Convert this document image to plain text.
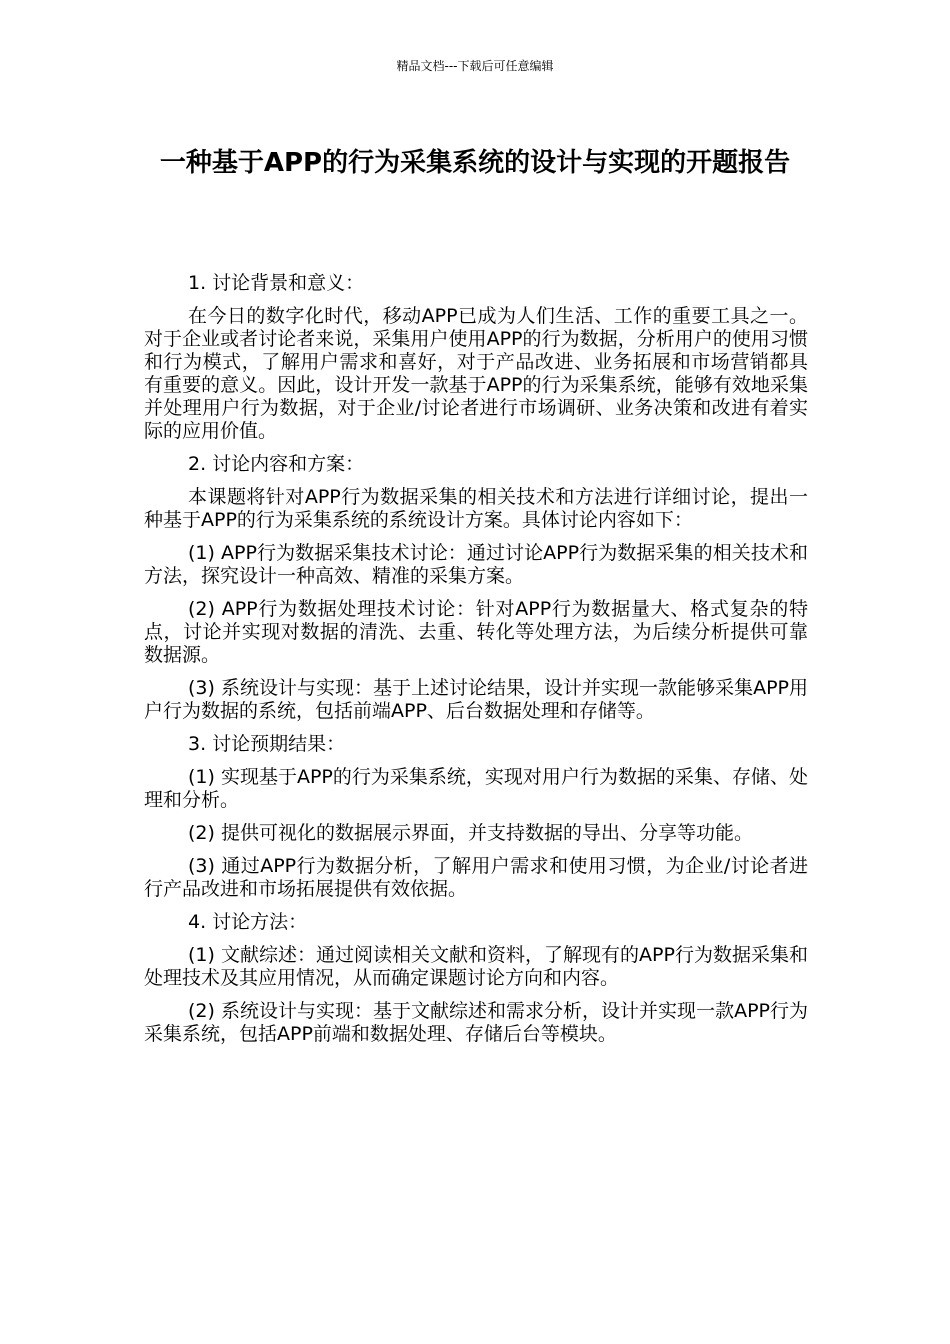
精品文档---下载后可任意编辑
一种基于APP的行为采集系统的设计与实现的开题报告

1. 讨论背景和意义：

在今日的数字化时代，移动APP已成为人们生活、工作的重要工具之一。对于企业或者讨论者来说，采集用户使用APP的行为数据，分析用户的使用习惯和行为模式，了解用户需求和喜好，对于产品改进、业务拓展和市场营销都具有重要的意义。因此，设计开发一款基于APP的行为采集系统，能够有效地采集并处理用户行为数据，对于企业/讨论者进行市场调研、业务决策和改进有着实际的应用价值。

2. 讨论内容和方案：

本课题将针对APP行为数据采集的相关技术和方法进行详细讨论，提出一种基于APP的行为采集系统的系统设计方案。具体讨论内容如下：

(1) APP行为数据采集技术讨论：通过讨论APP行为数据采集的相关技术和方法，探究设计一种高效、精准的采集方案。

(2) APP行为数据处理技术讨论：针对APP行为数据量大、格式复杂的特点，讨论并实现对数据的清洗、去重、转化等处理方法，为后续分析提供可靠数据源。

(3) 系统设计与实现：基于上述讨论结果，设计并实现一款能够采集APP用户行为数据的系统，包括前端APP、后台数据处理和存储等。

3. 讨论预期结果：

(1) 实现基于APP的行为采集系统，实现对用户行为数据的采集、存储、处理和分析。

(2) 提供可视化的数据展示界面，并支持数据的导出、分享等功能。

(3) 通过APP行为数据分析，了解用户需求和使用习惯，为企业/讨论者进行产品改进和市场拓展提供有效依据。

4. 讨论方法：

(1) 文献综述：通过阅读相关文献和资料，了解现有的APP行为数据采集和处理技术及其应用情况，从而确定课题讨论方向和内容。

(2) 系统设计与实现：基于文献综述和需求分析，设计并实现一款APP行为采集系统，包括APP前端和数据处理、存储后台等模块。
